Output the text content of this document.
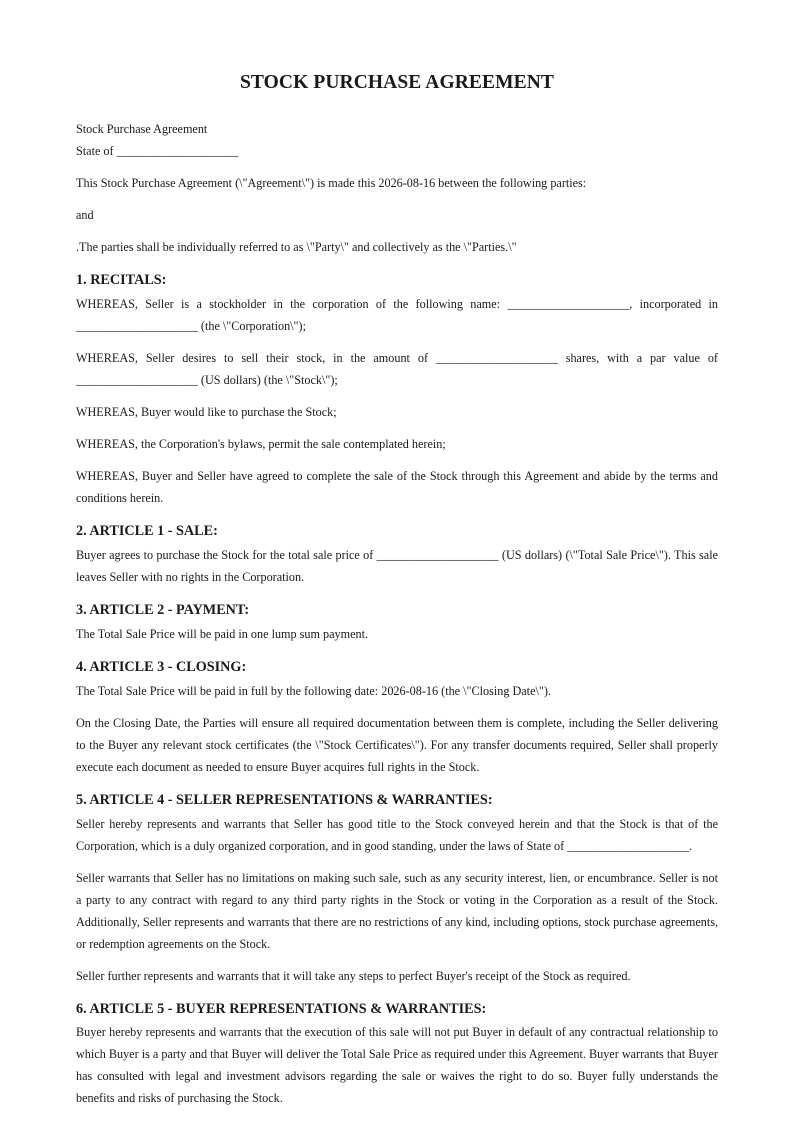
STOCK PURCHASE AGREEMENT

Stock Purchase Agreement

State of ____________________

This Stock Purchase Agreement (\"Agreement\") is made this 2026-08-16 between the following parties:

and

.The parties shall be individually referred to as \"Party\" and collectively as the \"Parties.\"

1. RECITALS:

WHEREAS, Seller is a stockholder in the corporation of the following name: ____________________, incorporated in ____________________ (the \"Corporation\");

WHEREAS, Seller desires to sell their stock, in the amount of ____________________ shares, with a par value of ____________________ (US dollars) (the \"Stock\");

WHEREAS, Buyer would like to purchase the Stock;

WHEREAS, the Corporation's bylaws, permit the sale contemplated herein;

WHEREAS, Buyer and Seller have agreed to complete the sale of the Stock through this Agreement and abide by the terms and conditions herein.

2. ARTICLE 1 - SALE:

Buyer agrees to purchase the Stock for the total sale price of ____________________ (US dollars) (\"Total Sale Price\"). This sale leaves Seller with no rights in the Corporation.

3. ARTICLE 2 - PAYMENT:

The Total Sale Price will be paid in one lump sum payment.

4. ARTICLE 3 - CLOSING:

The Total Sale Price will be paid in full by the following date: 2026-08-16 (the \"Closing Date\").

On the Closing Date, the Parties will ensure all required documentation between them is complete, including the Seller delivering to the Buyer any relevant stock certificates (the \"Stock Certificates\"). For any transfer documents required, Seller shall properly execute each document as needed to ensure Buyer acquires full rights in the Stock.

5. ARTICLE 4 - SELLER REPRESENTATIONS & WARRANTIES:

Seller hereby represents and warrants that Seller has good title to the Stock conveyed herein and that the Stock is that of the Corporation, which is a duly organized corporation, and in good standing, under the laws of State of ____________________.

Seller warrants that Seller has no limitations on making such sale, such as any security interest, lien, or encumbrance. Seller is not a party to any contract with regard to any third party rights in the Stock or voting in the Corporation as a result of the Stock. Additionally, Seller represents and warrants that there are no restrictions of any kind, including options, stock purchase agreements, or redemption agreements on the Stock.

Seller further represents and warrants that it will take any steps to perfect Buyer's receipt of the Stock as required.

6. ARTICLE 5 - BUYER REPRESENTATIONS & WARRANTIES:

Buyer hereby represents and warrants that the execution of this sale will not put Buyer in default of any contractual relationship to which Buyer is a party and that Buyer will deliver the Total Sale Price as required under this Agreement. Buyer warrants that Buyer has consulted with legal and investment advisors regarding the sale or waives the right to do so. Buyer fully understands the benefits and risks of purchasing the Stock.
